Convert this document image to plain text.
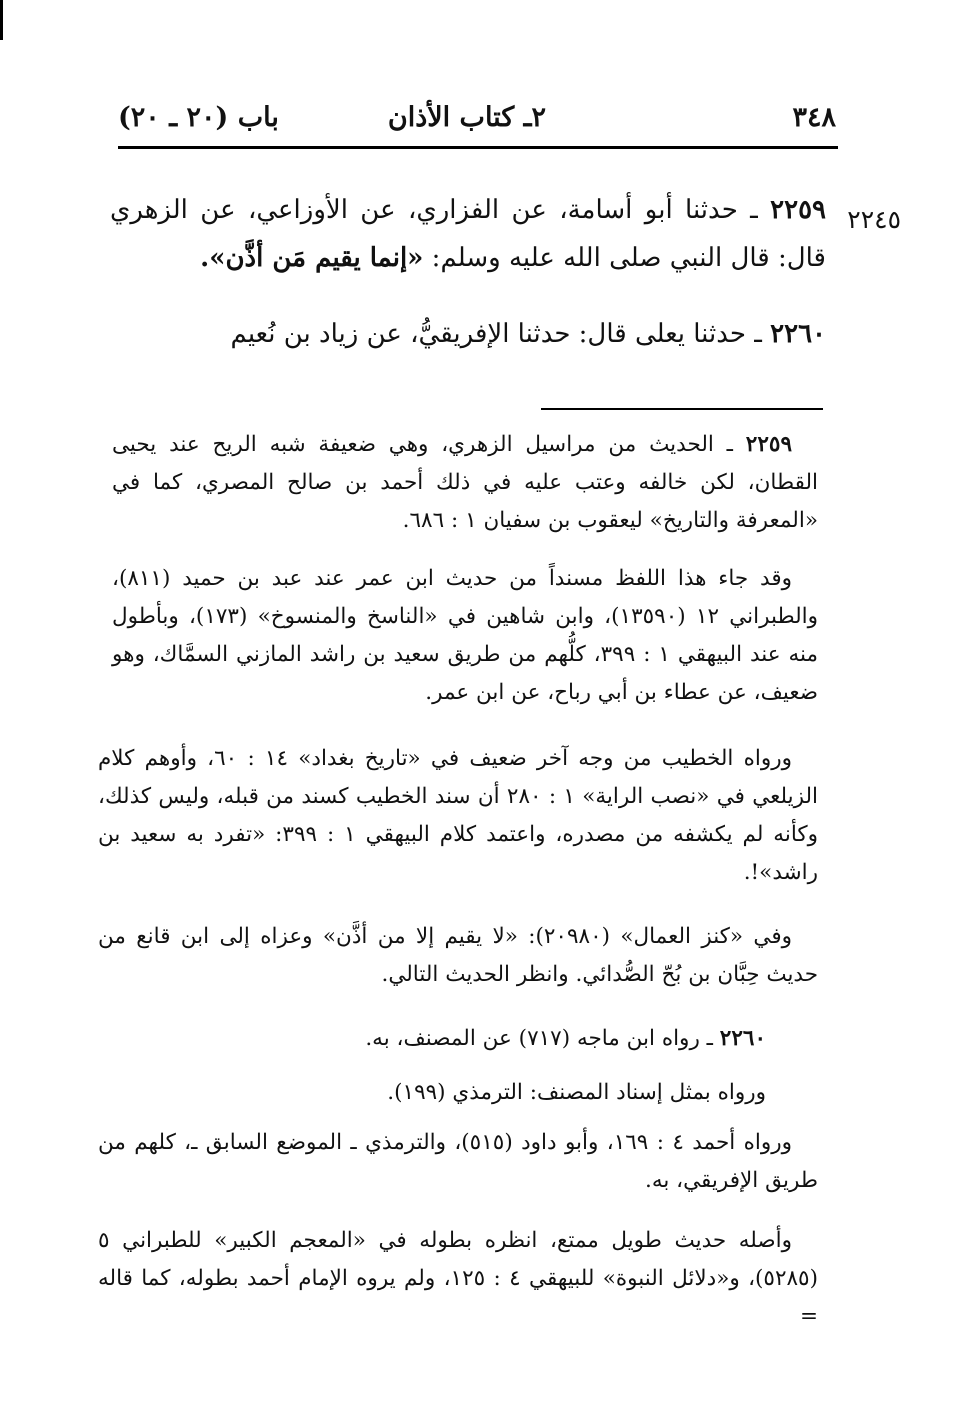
٣٤٨
٢ـ كتاب الأذان
باب (٢٠ ـ ٢٠)
٢٢٤٥
٢٢٥٩ ـ حدثنا أبو أسامة، عن الفزاري، عن الأوزاعي، عن الزهري قال: قال النبي صلى الله عليه وسلم: «إنما يقيم مَن أذَّن».
٢٢٦٠ ـ حدثنا يعلى قال: حدثنا الإفريقيُّ، عن زياد بن نُعيم
٢٢٥٩ ـ الحديث من مراسيل الزهري، وهي ضعيفة شبه الريح عند يحيى القطان، لكن خالفه وعتب عليه في ذلك أحمد بن صالح المصري، كما في «المعرفة والتاريخ» ليعقوب بن سفيان ١ : ٦٨٦.
وقد جاء هذا اللفظ مسنداً من حديث ابن عمر عند عبد بن حميد (٨١١)، والطبراني ١٢ (١٣٥٩٠)، وابن شاهين في «الناسخ والمنسوخ» (١٧٣)، وبأطول منه عند البيهقي ١ : ٣٩٩، كلُّهم من طريق سعيد بن راشد المازني السمَّاك، وهو ضعيف، عن عطاء بن أبي رباح، عن ابن عمر.
ورواه الخطيب من وجه آخر ضعيف في «تاريخ بغداد» ١٤ : ٦٠، وأوهم كلام الزيلعي في «نصب الراية» ١ : ٢٨٠ أن سند الخطيب كسند من قبله، وليس كذلك، وكأنه لم يكشفه من مصدره، واعتمد كلام البيهقي ١ : ٣٩٩: «تفرد به سعيد بن راشد»!.
وفي «كنز العمال» (٢٠٩٨٠): «لا يقيم إلا من أذَّن» وعزاه إلى ابن قانع من حديث حِبَّان بن بُحّ الصُّدائي. وانظر الحديث التالي.
٢٢٦٠ ـ رواه ابن ماجه (٧١٧) عن المصنف، به.
ورواه بمثل إسناد المصنف: الترمذي (١٩٩).
ورواه أحمد ٤ : ١٦٩، وأبو داود (٥١٥)، والترمذي ـ الموضع السابق ـ، كلهم من طريق الإفريقي، به.
وأصله حديث طويل ممتع، انظره بطوله في «المعجم الكبير» للطبراني ٥ (٥٢٨٥)، و«دلائل النبوة» للبيهقي ٤ : ١٢٥، ولم يروه الإمام أحمد بطوله، كما قاله =
